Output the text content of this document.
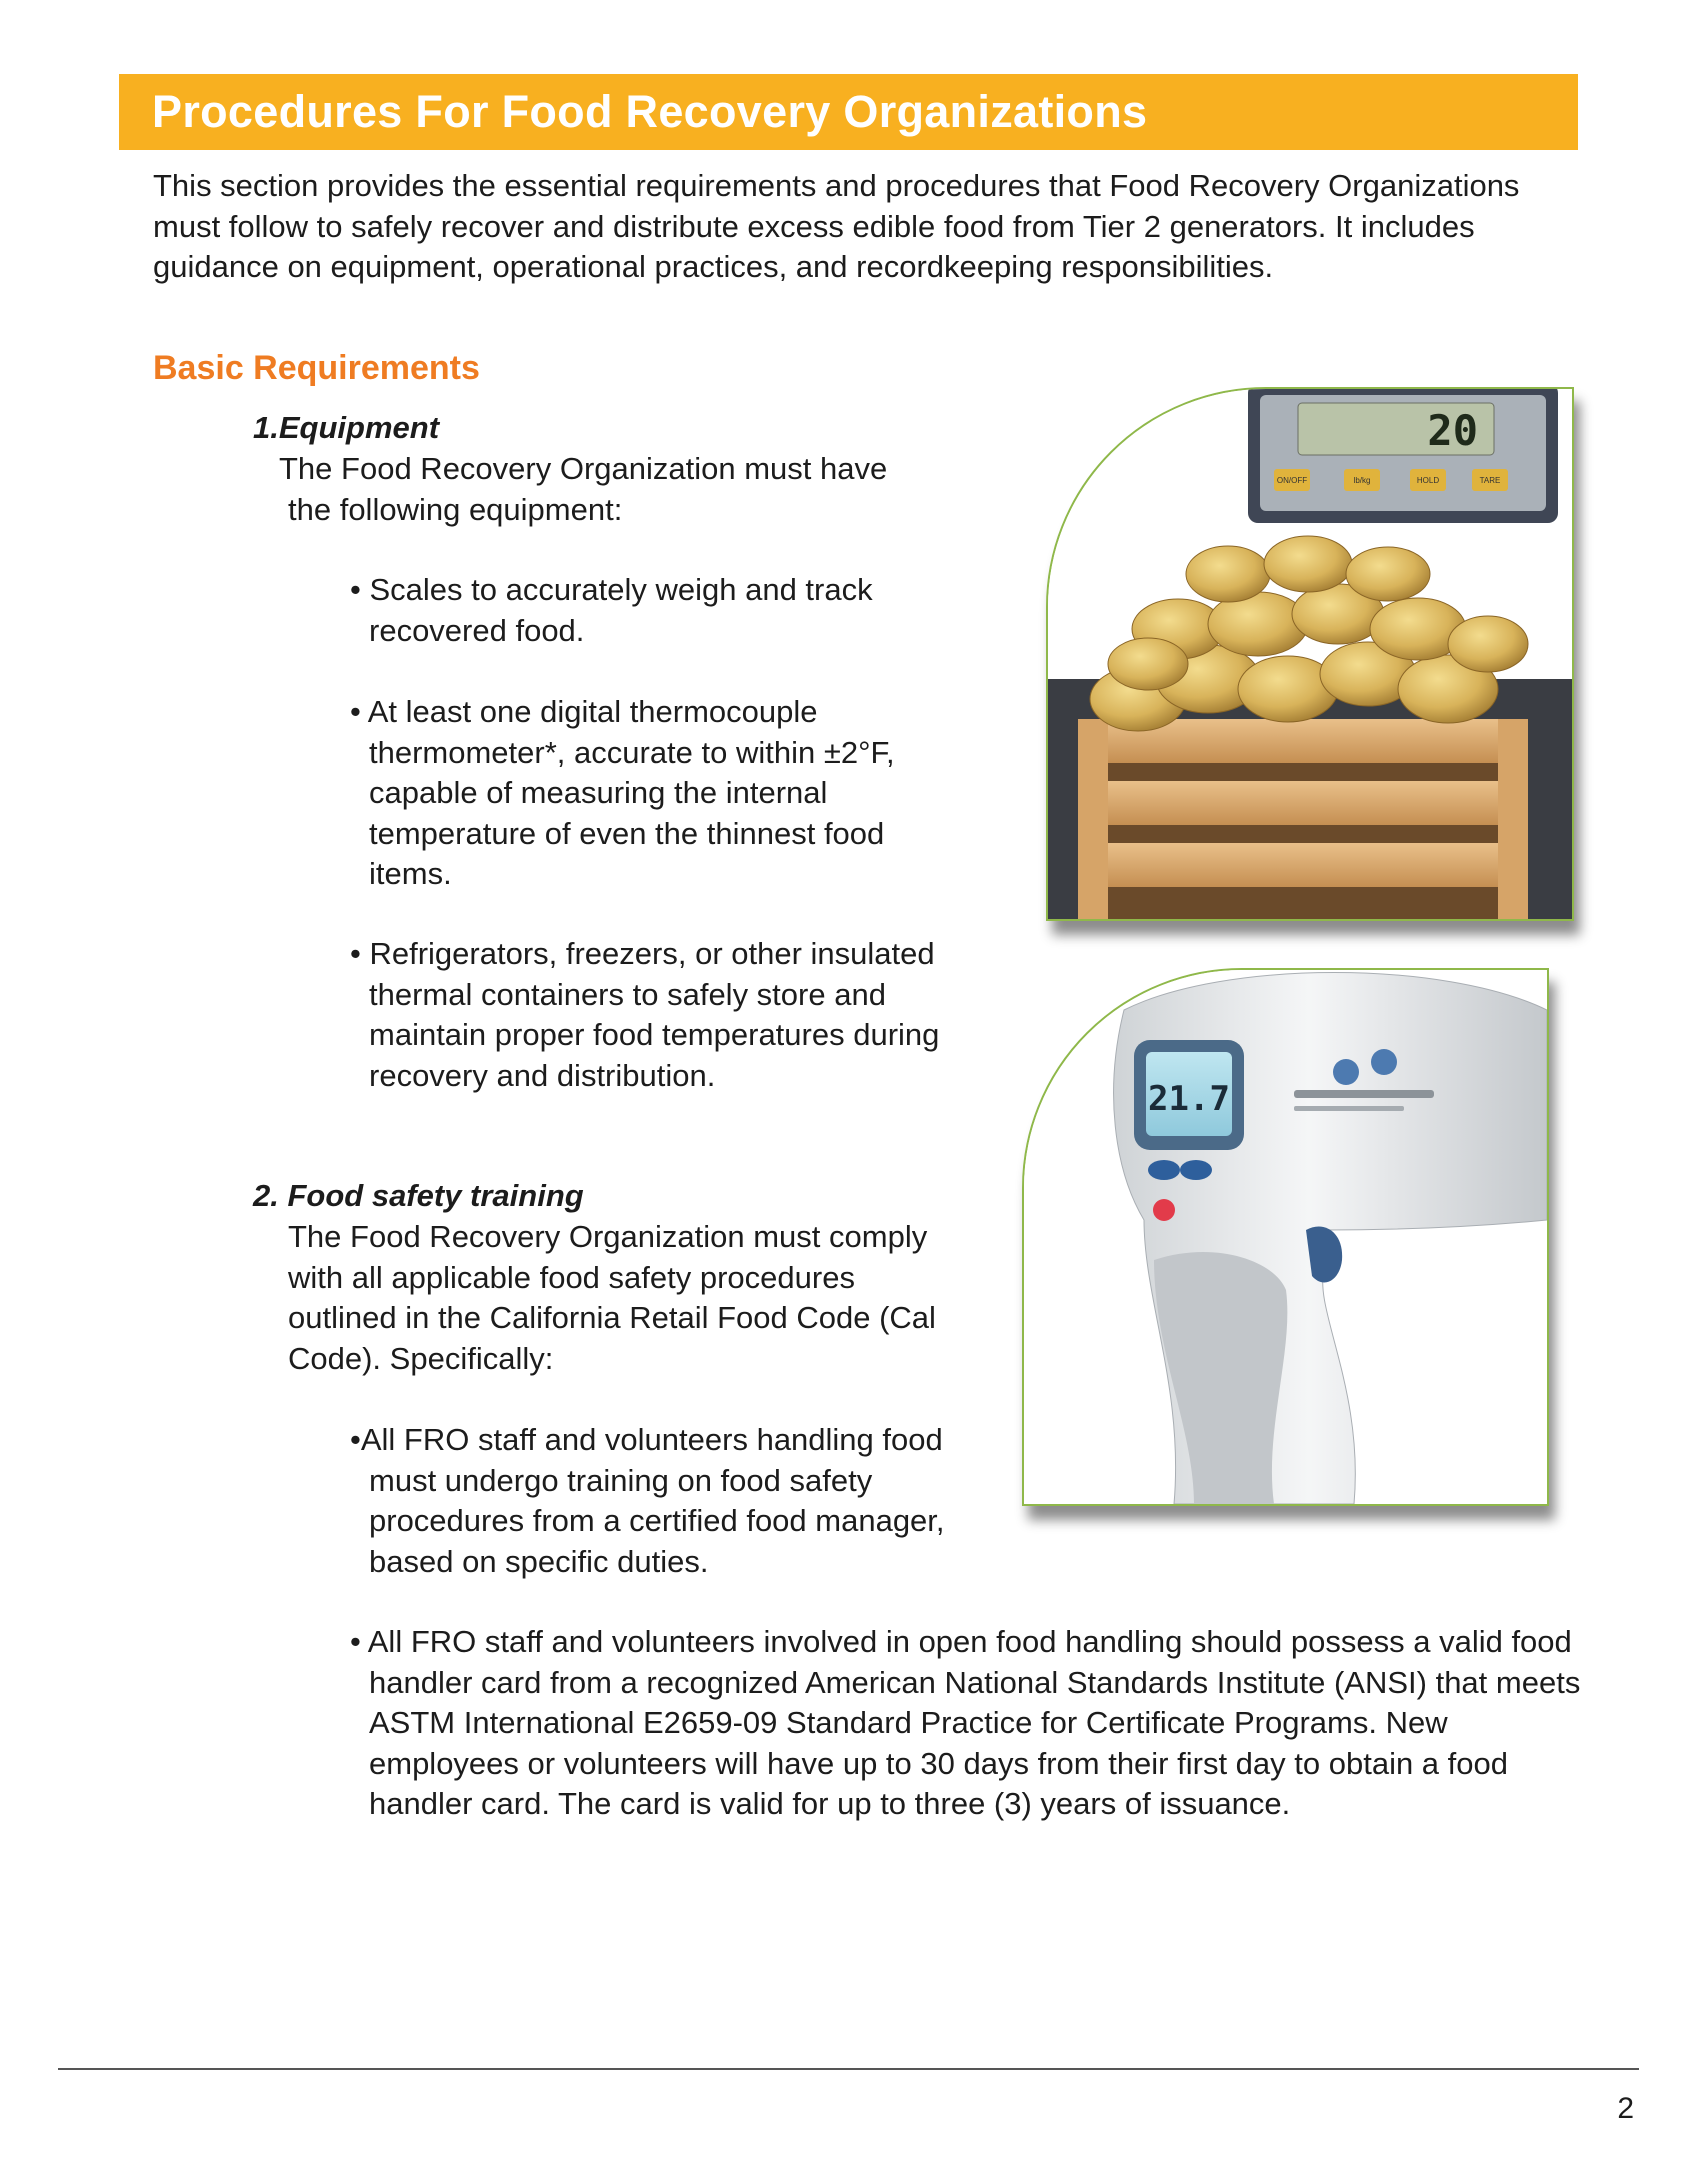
Procedures For Food Recovery Organizations

This section provides the essential requirements and procedures that Food Recovery Organizations must follow to safely recover and distribute excess edible food from Tier 2 generators. It includes guidance on equipment, operational practices, and recordkeeping responsibilities.

Basic Requirements

1.Equipment

The Food Recovery Organization must have

the following equipment:

• Scales to accurately weigh and track recovered food.

• At least one digital thermocouple thermometer*, accurate to within ±2°F, capable of measuring the internal temperature of even the thinnest food items.

• Refrigerators, freezers, or other insulated thermal containers to safely store and maintain proper food temperatures during recovery and distribution.

2. Food safety training

The Food Recovery Organization must comply with all applicable food safety procedures outlined in the California Retail Food Code (Cal Code). Specifically:

•All FRO staff and volunteers handling food must undergo training on food safety procedures from a certified food manager, based on specific duties.

• All FRO staff and volunteers involved in open food handling should possess a valid food handler card from a recognized American National Standards Institute (ANSI) that meets ASTM International E2659-09 Standard Practice for Certificate Programs. New employees or volunteers will have up to 30 days from their first day to obtain a food handler card. The card is valid for up to three (3) years of issuance.

20
ON/OFF	lb/kg	HOLD	TARE
21.7

2
